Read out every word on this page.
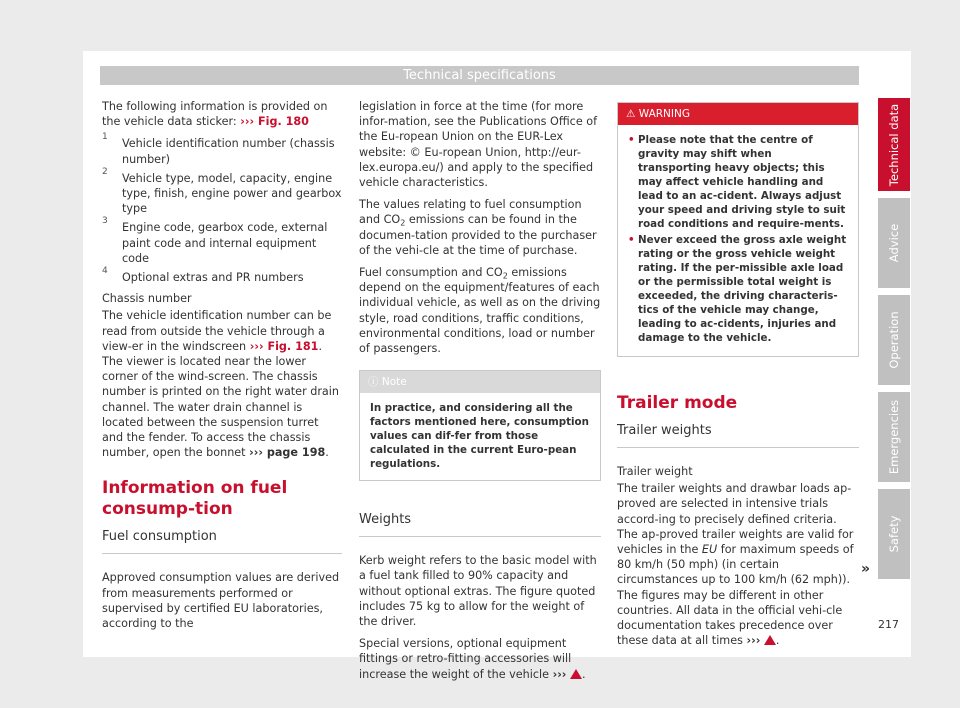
Technical specifications

The following information is provided on the vehicle data sticker: ››› Fig. 180

1 Vehicle identification number (chassis number)
2 Vehicle type, model, capacity, engine type, finish, engine power and gearbox type
3 Engine code, gearbox code, external paint code and internal equipment code
4 Optional extras and PR numbers

Chassis number

The vehicle identification number can be read from outside the vehicle through a view-er in the windscreen ››› Fig. 181. The viewer is located near the lower corner of the wind-screen. The chassis number is printed on the right water drain channel. The water drain channel is located between the suspension turret and the fender. To access the chassis number, open the bonnet ››› page 198.

Information on fuel consump-tion
Fuel consumption

Approved consumption values are derived from measurements performed or supervised by certified EU laboratories, according to the

legislation in force at the time (for more infor-mation, see the Publications Office of the Eu-ropean Union on the EUR-Lex website: © Eu-ropean Union, http://eur-lex.europa.eu/) and apply to the specified vehicle characteristics.

The values relating to fuel consumption and $CO_2$ emissions can be found in the documen-tation provided to the purchaser of the vehi-cle at the time of purchase.

Fuel consumption and $CO_2$ emissions depend on the equipment/features of each individual vehicle, as well as on the driving style, road conditions, traffic conditions, environmental conditions, load or number of passengers.

ⓘ Note
In practice, and considering all the factors mentioned here, consumption values can dif-fer from those calculated in the current Euro-pean regulations.
Weights

Kerb weight refers to the basic model with a fuel tank filled to 90% capacity and without optional extras. The figure quoted includes 75 kg to allow for the weight of the driver.

Special versions, optional equipment fittings or retro-fitting accessories will increase the weight of the vehicle ››› .

⚠ WARNING
• Please note that the centre of gravity may shift when transporting heavy objects; this may affect vehicle handling and lead to an ac-cident. Always adjust your speed and driving style to suit road conditions and require-ments.
• Never exceed the gross axle weight rating or the gross vehicle weight rating. If the per-missible axle load or the permissible total weight is exceeded, the driving characteris-tics of the vehicle may change, leading to ac-cidents, injuries and damage to the vehicle.
Trailer mode
Trailer weights

Trailer weight

The trailer weights and drawbar loads ap-proved are selected in intensive trials accord-ing to precisely defined criteria. The ap-proved trailer weights are valid for vehicles in the EU for maximum speeds of 80 km/h (50 mph) (in certain circumstances up to 100 km/h (62 mph)). The figures may be different in other countries. All data in the official vehi-cle documentation takes precedence over these data at all times ››› .

»
Technical data
Advice
Operation
Emergencies
Safety
217
